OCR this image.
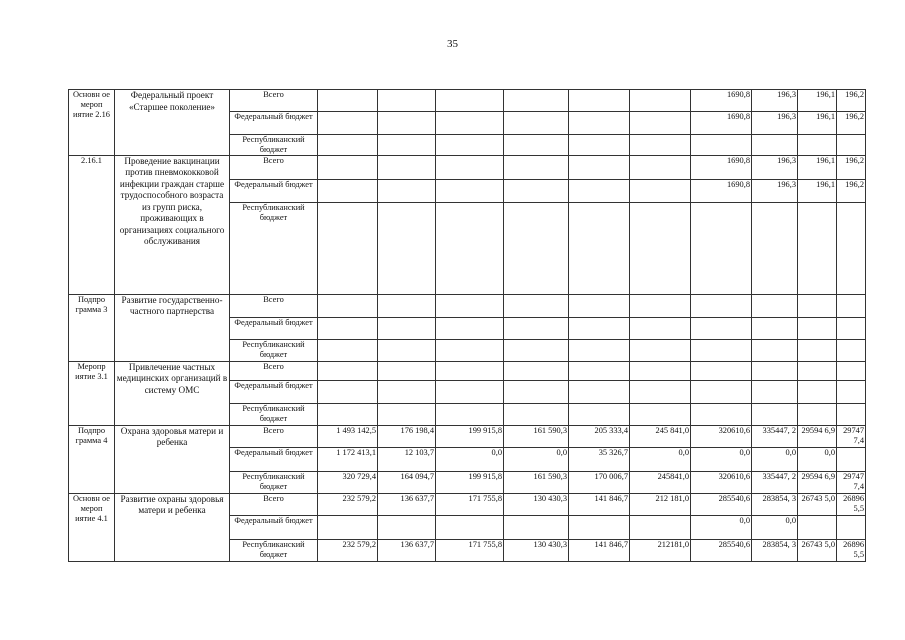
35
Основн ое мероп иятие 2.16	Федеральный проект «Старшее поколение»	Всего							1690,8	196,3	196,1	196,2
		Федеральный бюджет							1690,8	196,3	196,1	196,2
		Республиканский бюджет										
2.16.1	Проведение вакцинации против пневмококковой инфекции граждан старше трудоспособного возраста из групп риска, проживающих в организациях социального обслуживания	Всего							1690,8	196,3	196,1	196,2
		Федеральный бюджет							1690,8	196,3	196,1	196,2
		Республиканский бюджет										
Подпро грамма 3	Развитие государственно-частного партнерства	Всего										
		Федеральный бюджет										
		Республиканский бюджет										
Меропр иятие 3.1	Привлечение частных медицинских организаций в систему ОМС	Всего										
		Федеральный бюджет										
		Республиканский бюджет										
Подпро грамма 4	Охрана здоровья матери и ребенка	Всего	1 493 142,5	176 198,4	199 915,8	161 590,3	205 333,4	245 841,0	320610,6	335447, 2	29594 6,9	29747 7,4
		Федеральный бюджет	1 172 413,1	12 103,7	0,0	0,0	35 326,7	0,0	0,0	0,0	0,0	
		Республиканский бюджет	320 729,4	164 094,7	199 915,8	161 590,3	170 006,7	245841,0	320610,6	335447, 2	29594 6,9	29747 7,4
Основн ое мероп иятие 4.1	Развитие охраны здоровья матери и ребенка	Всего	232 579,2	136 637,7	171 755,8	130 430,3	141 846,7	212 181,0	285540,6	283854, 3	26743 5,0	26896 5,5
		Федеральный бюджет							0,0	0,0		
		Республиканский бюджет	232 579,2	136 637,7	171 755,8	130 430,3	141 846,7	212181,0	285540,6	283854, 3	26743 5,0	26896 5,5
